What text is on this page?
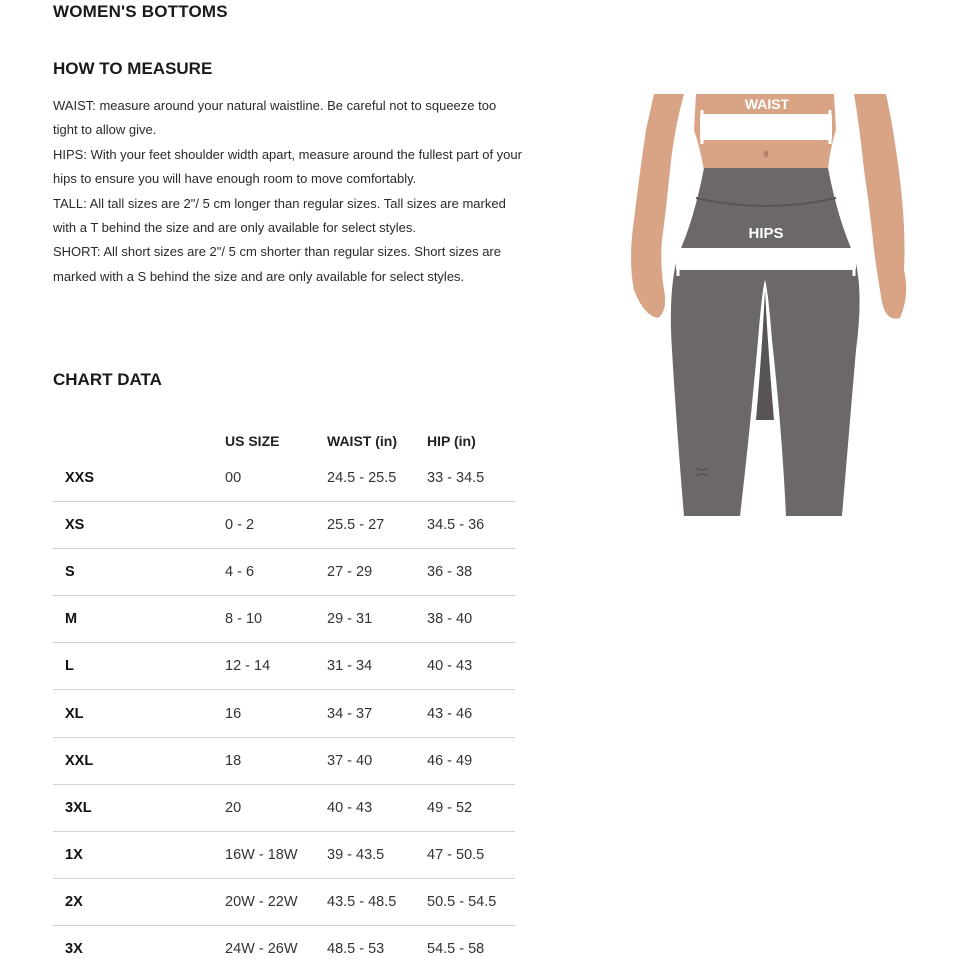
WOMEN'S BOTTOMS
HOW TO MEASURE

WAIST: measure around your natural waistline. Be careful not to squeeze too tight to allow give.

HIPS: With your feet shoulder width apart, measure around the fullest part of your hips to ensure you will have enough room to move comfortably.

TALL: All tall sizes are 2"/ 5 cm longer than regular sizes. Tall sizes are marked with a T behind the size and are only available for select styles.

SHORT: All short sizes are 2"/ 5 cm shorter than regular sizes. Short sizes are marked with a S behind the size and are only available for select styles.

CHART DATA
	US SIZE	WAIST (in)	HIP (in)
XXS	00	24.5 - 25.5	33 - 34.5
XS	0 - 2	25.5 - 27	34.5 - 36
S	4 - 6	27 - 29	36 - 38
M	8 - 10	29 - 31	38 - 40
L	12 - 14	31 - 34	40 - 43
XL	16	34 - 37	43 - 46
XXL	18	37 - 40	46 - 49
3XL	20	40 - 43	49 - 52
1X	16W - 18W	39 - 43.5	47 - 50.5
2X	20W - 22W	43.5 - 48.5	50.5 - 54.5
3X	24W - 26W	48.5 - 53	54.5 - 58
WAIST
HIPS
